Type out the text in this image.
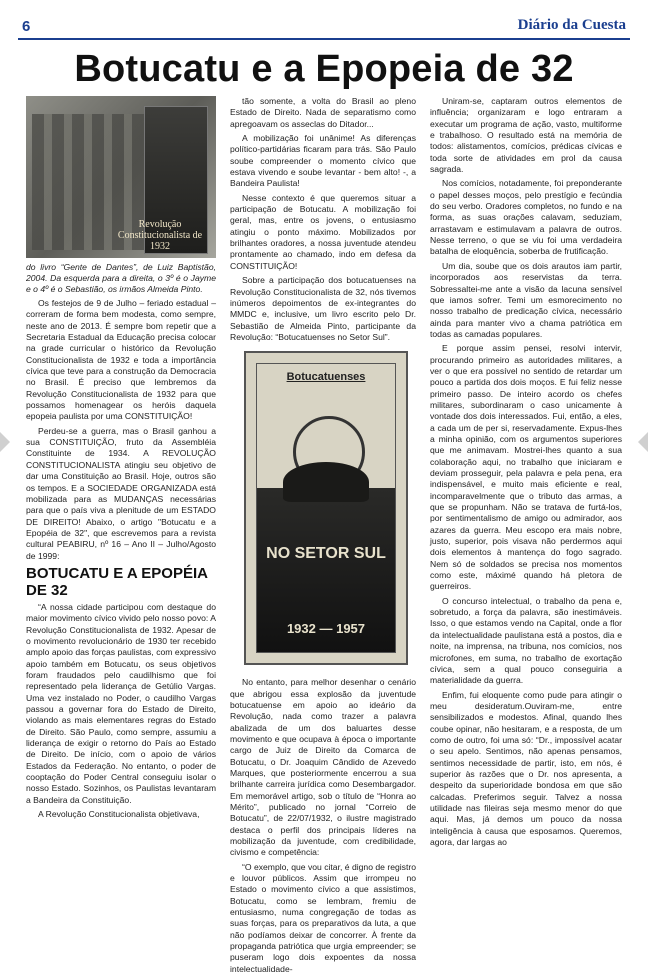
6	Diário da Cuesta
Botucatu e a Epopeia de 32
Revolução Constitucionalista de 1932

do livro “Gente de Dantes”, de Luiz Baptistão, 2004. Da esquerda para a direita, o 3º é o Jayme e o 4º é o Sebastião, os irmãos Almeida Pinto.

Os festejos de 9 de Julho – feriado estadual – correram de forma bem modesta, como sempre, neste ano de 2013. É sempre bom repetir que a Secretaria Estadual da Educação precisa colocar na grade curricular o histórico da Revolução Constitucionalista de 1932 e toda a importância cívica que teve para a construção da Democracia no Brasil. É preciso que lembremos da Revolução Constitucionalista de 1932 para que possamos homenagear os heróis daquela epopeia paulista por uma CONSTITUIÇÃO!

Perdeu-se a guerra, mas o Brasil ganhou a sua CONSTITUIÇÃO, fruto da Assembléia Constituinte de 1934. A REVOLUÇÃO CONSTITUCIONALISTA atingiu seu objetivo de dar uma Constituição ao Brasil. Hoje, outros são os tempos. E a SOCIEDADE ORGANIZADA está mobilizada para as MUDANÇAS necessárias para que o país viva a plenitude de um ESTADO DE DIREITO! Abaixo, o artigo "Botucatu e a Epopéia de 32", que escrevemos para a revista cultural PEABIRU, nº 16 – Ano II – Julho/Agosto de 1999:

BOTUCATU E A EPOPÉIA DE 32

“A nossa cidade participou com destaque do maior movimento cívico vivido pelo nosso povo: A Revolução Constitucionalista de 1932. Apesar de o movimento revolucionário de 1930 ter recebido amplo apoio das forças paulistas, com expressivo apoio também em Botucatu, os seus objetivos foram fraudados pelo caudilhismo que foi representado pela liderança de Getúlio Vargas. Uma vez instalado no Poder, o caudilho Vargas passou a governar fora do Estado de Direito, violando as mais elementares regras do Estado de Direito. São Paulo, como sempre, assumiu a liderança de exigir o retorno do País ao Estado de Direito. De início, com o apoio de vários Estados da Federação. No entanto, o poder de cooptação do Poder Central conseguiu isolar o nosso Estado. Sozinhos, os Paulistas levantaram a Bandeira da Constituição.

A Revolução Constitucionalista objetivava,

tão somente, a volta do Brasil ao pleno Estado de Direito. Nada de separatismo como apregoavam os asseclas do Ditador...

A mobilização foi unânime! As diferenças político-partidárias ficaram para trás. São Paulo soube compreender o momento cívico que estava vivendo e soube levantar - bem alto! -, a Bandeira Paulista!

Nesse contexto é que queremos situar a participação de Botucatu. A mobilização foi geral, mas, entre os jovens, o entusiasmo atingiu o ponto máximo. Mobilizados por brilhantes oradores, a nossa juventude atendeu prontamente ao chamado, indo em defesa da CONSTITUIÇÃO!

Sobre a participação dos botucatuenses na Revolução Constitucionalista de 32, nós tivemos inúmeros depoimentos de ex-integrantes do MMDC e, inclusive, um livro escrito pelo Dr. Sebastião de Almeida Pinto, participante da Revolução: “Botucatuenses no Setor Sul”.

Botucatuenses
NO SETOR SUL
1932 — 1957

No entanto, para melhor desenhar o cenário que abrigou essa explosão da juventude botucatuense em apoio ao ideário da Revolução, nada como trazer a palavra abalizada de um dos baluartes desse movimento e que ocupava à época o importante cargo de Juiz de Direito da Comarca de Botucatu, o Dr. Joaquim Cândido de Azevedo Marques, que posteriormente encerrou a sua brilhante carreira jurídica como Desembargador. Em memorável artigo, sob o título de “Honra ao Mérito”, publicado no jornal “Correio de Botucatu”, de 22/07/1932, o ilustre magistrado destaca o perfil dos principais líderes na mobilização da juventude, com credibilidade, civismo e competência:

“O exemplo, que vou citar, é digno de registro e louvor públicos. Assim que irrompeu no Estado o movimento cívico a que assistimos, Botucatu, como se lembram, fremiu de entusiasmo, numa congregação de todas as suas forças, para os preparativos da luta, a que não podíamos deixar de concorrer. À frente da propaganda patriótica que urgia empreender; se puseram logo dois expoentes da nossa intelectualidade-

Uniram-se, captaram outros elementos de influência; organizaram e logo entraram a executar um programa de ação, vasto, multiforme e trabalhoso. O resultado está na memória de todos: alistamentos, comícios, prédicas cívicas e toda sorte de atividades em prol da causa sagrada.

Nos comícios, notadamente, foi preponderante o papel desses moços, pelo prestígio e fecúndia do seu verbo. Oradores completos, no fundo e na forma, as suas orações calavam, seduziam, arrastavam e estimulavam a palavra de outros. Nesse terreno, o que se viu foi uma verdadeira batalha de eloquência, soberba de frutificação.

Um dia, soube que os dois arautos iam partir, incorporados aos reservistas da terra. Sobressaltei-me ante a visão da lacuna sensível que iamos sofrer. Temi um esmorecimento no nosso trabalho de predicação cívica, necessário ainda para manter vivo a chama patriótica em todas as camadas populares.

E porque assim pensei, resolvi intervir, procurando primeiro as autoridades militares, a ver o que era possível no sentido de retardar um pouco a partida dos dois moços. E fui feliz nesse primeiro passo. De inteiro acordo os chefes militares, subordinaram o caso unicamente à vontade dos dois interessados. Fui, então, a eles, a cada um de per si, reservadamente. Expus-lhes a minha opinião, com os argumentos superiores que me animavam. Mostrei-lhes quanto a sua colaboração aqui, no trabalho que iniciaram e deviam prosseguir, pela palavra e pela pena, era indispensável, e muito mais eficiente e real, incomparavelmente que o tributo das armas, a que se propunham. Não se tratava de furtá-los, por sentimentalismo de amigo ou admirador, aos azares da guerra. Meu escopo era mais nobre, justo, superior, pois visava não perdermos aqui dois elementos à mantença do fogo sagrado. Nem só de soldados se precisa nos momentos como este, máximé quando há pletora de guerreiros.

O concurso intelectual, o trabalho da pena e, sobretudo, a força da palavra, são inestimáveis. Isso, o que estamos vendo na Capital, onde a flor da intelectualidade paulistana está a postos, dia e noite, na imprensa, na tribuna, nos comícios, nos microfones, em suma, no trabalho de exortação cívica, sem a qual pouco conseguiria a materialidade da guerra.

Enfim, fui eloquente como pude para atingir o meu desideratum.Ouviram-me, entre sensibilizados e modestos. Afinal, quando lhes coube opinar, não hesitaram, e a resposta, de um como de outro, foi uma só: “Dr., impossível acatar o seu apelo. Sentimos, não apenas pensamos, sentimos necessidade de partir, isto, em nós, é superior às razões que o Dr. nos apresenta, a despeito da superioridade bondosa em que são calcadas. Preferimos seguir. Talvez a nossa utilidade nas fileiras seja mesmo menor do que aqui. Mas, já demos um pouco da nossa inteligência à causa que esposamos. Queremos, agora, dar largas ao
